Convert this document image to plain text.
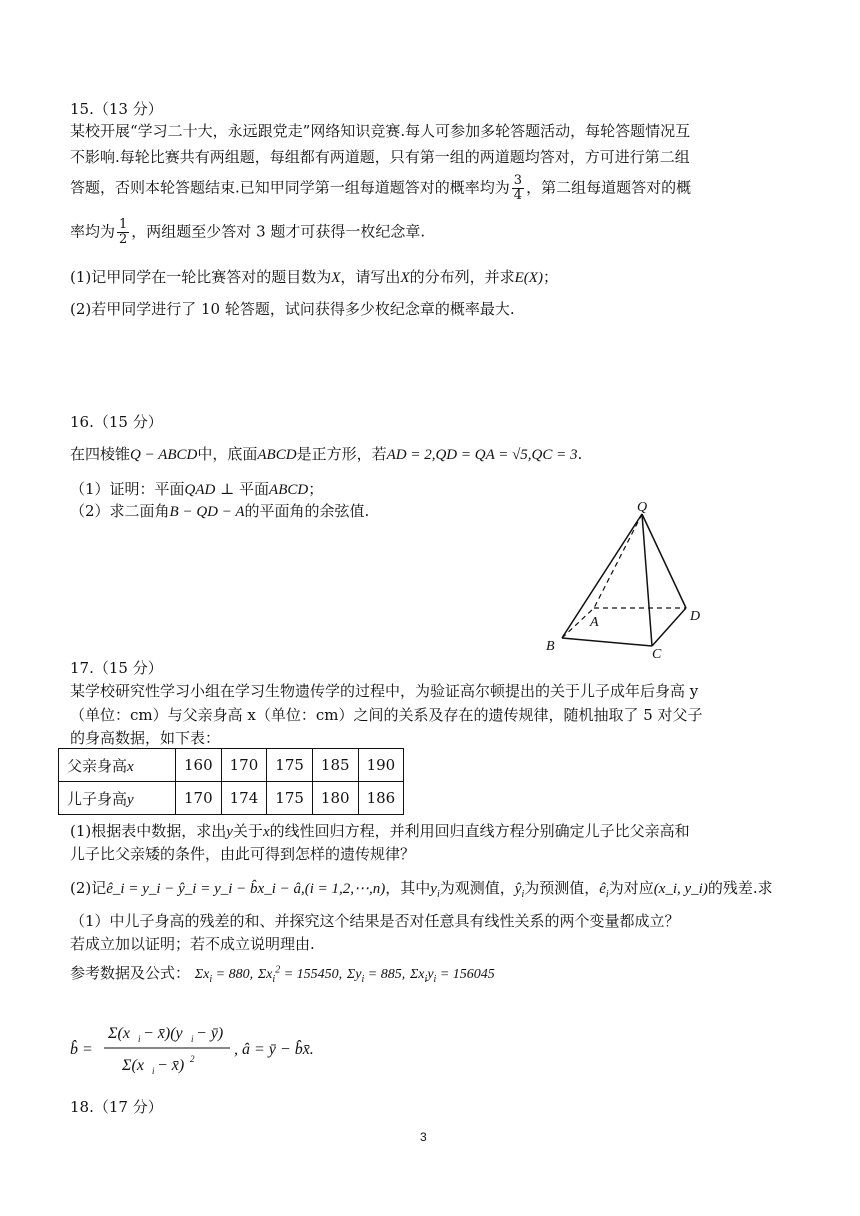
15.（13 分）
某校开展“学习二十大，永远跟党走”网络知识竞赛.每人可参加多轮答题活动，每轮答题情况互
不影响.每轮比赛共有两组题，每组都有两道题，只有第一组的两道题均答对，方可进行第二组
答题，否则本轮答题结束.已知甲同学第一组每道题答对的概率均为 $\frac{3}{4}$ ，第二组每道题答对的概
率均为 $\frac{1}{2}$ ，两组题至少答对 3 题才可获得一枚纪念章.
(1)记甲同学在一轮比赛答对的题目数为X，请写出X的分布列，并求E(X)；
(2)若甲同学进行了 10 轮答题，试问获得多少枚纪念章的概率最大.
16.（15 分）
在四棱锥Q − ABCD中，底面ABCD是正方形，若AD = 2,QD = QA = √5,QC = 3.
（1）证明：平面QAD ⊥ 平面ABCD；
（2）求二面角B − QD − A的平面角的余弦值.	Q
A
B
C
D
17.（15 分）
某学校研究性学习小组在学习生物遗传学的过程中，为验证高尔顿提出的关于儿子成年后身高 y
（单位：cm）与父亲身高 x（单位：cm）之间的关系及存在的遗传规律，随机抽取了 5 对父子
的身高数据，如下表：
父亲身高x	160	170	175	185	190
儿子身高y	170	174	175	180	186
(1)根据表中数据，求出y关于x的线性回归方程，并利用回归直线方程分别确定儿子比父亲高和
儿子比父亲矮的条件，由此可得到怎样的遗传规律？
(2)记ê_i = y_i − ŷ_i = y_i − b̂x_i − â,(i = 1,2,⋯,n)，其中$y_i$为观测值，$ŷ_i$为预测值，$ê_i$为对应(x_i, y_i)的残差.求
（1）中儿子身高的残差的和、并探究这个结果是否对任意具有线性关系的两个变量都成立？
若成立加以证明；若不成立说明理由.
参考数据及公式： $\Sigma x_i = 880$, $\Sigma x_i^2 = 155450$, $\Sigma y_i = 885$, $\Sigma x_iy_i = 156045$
b̂ =
Σ(x i − x̄)(y i − ȳ)
Σ(x i − x̄) 2
, â = ȳ − b̂x̄.
18.（17 分）
3
